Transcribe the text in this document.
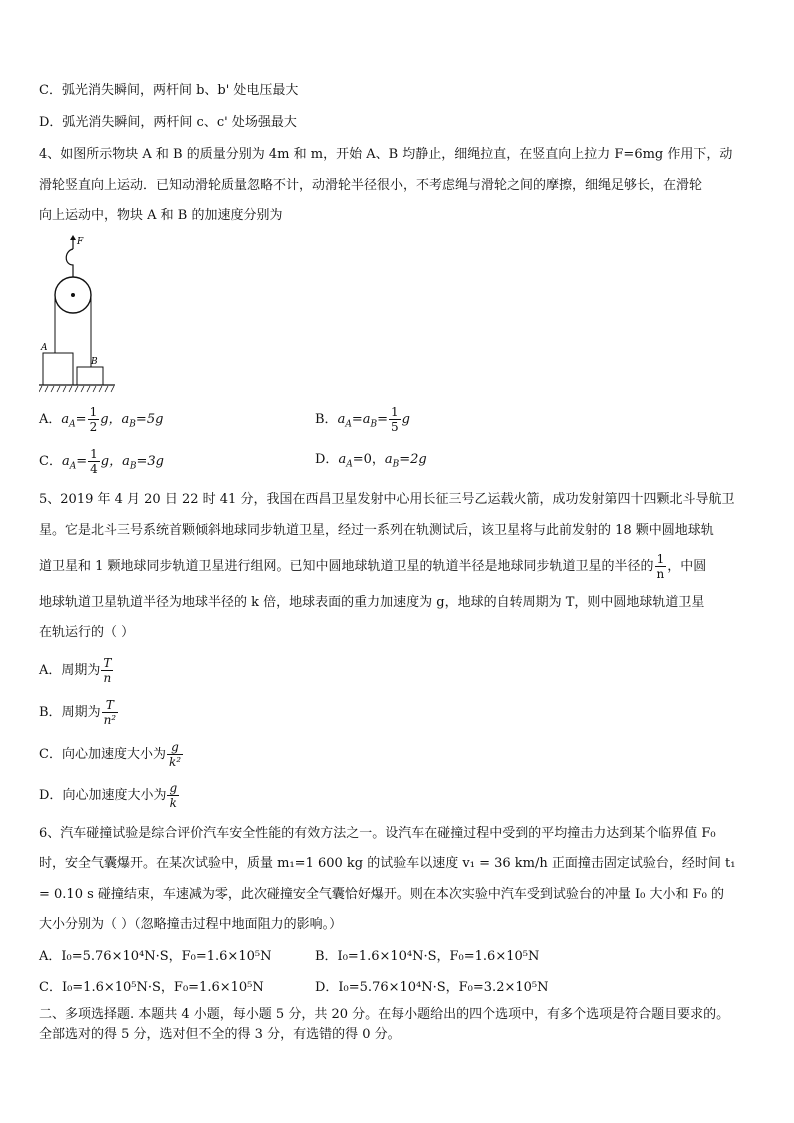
C．弧光消失瞬间，两杆间 b、b' 处电压最大
D．弧光消失瞬间，两杆间 c、c' 处场强最大
4、如图所示物块 A 和 B 的质量分别为 4m 和 m，开始 A、B 均静止，细绳拉直，在竖直向上拉力 F=6mg 作用下，动
滑轮竖直向上运动．已知动滑轮质量忽略不计，动滑轮半径很小，不考虑绳与滑轮之间的摩擦，细绳足够长，在滑轮
向上运动中，物块 A 和 B 的加速度分别为
F
A
B
A．$a_A= \frac{1}{2}$ g，$a_B=5g$	B．$a_A=a_B= \frac{1}{5}$ g
C．$a_A= \frac{1}{4}$ g，$a_B=3g$	D．$a_A=0$，$a_B=2g$
5、2019 年 4 月 20 日 22 时 41 分，我国在西昌卫星发射中心用长征三号乙运载火箭，成功发射第四十四颗北斗导航卫
星。它是北斗三号系统首颗倾斜地球同步轨道卫星，经过一系列在轨测试后，该卫星将与此前发射的 18 颗中圆地球轨
道卫星和 1 颗地球同步轨道卫星进行组网。已知中圆地球轨道卫星的轨道半径是地球同步轨道卫星的半径的 $\frac{1}{n}$ ，中圆
地球轨道卫星轨道半径为地球半径的 k 倍，地球表面的重力加速度为 g，地球的自转周期为 T，则中圆地球轨道卫星
在轨运行的（ ）
A．周期为 $\frac{T}{n}$
B．周期为 $\frac{T}{\text{n²}}$
C．向心加速度大小为 $\frac{g}{\text{k²}}$
D．向心加速度大小为 $\frac{g}{k}$
6、汽车碰撞试验是综合评价汽车安全性能的有效方法之一。设汽车在碰撞过程中受到的平均撞击力达到某个临界值 F₀
时，安全气囊爆开。在某次试验中，质量 m₁=1 600 kg 的试验车以速度 v₁ = 36 km/h 正面撞击固定试验台，经时间 t₁
= 0.10 s 碰撞结束，车速减为零，此次碰撞安全气囊恰好爆开。则在本次实验中汽车受到试验台的冲量 I₀ 大小和 F₀ 的
大小分别为（ ）（忽略撞击过程中地面阻力的影响。）
A．I₀=5.76×10⁴N·S，F₀=1.6×10⁵N	B．I₀=1.6×10⁴N·S，F₀=1.6×10⁵N
C．I₀=1.6×10⁵N·S，F₀=1.6×10⁵N	D．I₀=5.76×10⁴N·S，F₀=3.2×10⁵N
二、多项选择题. 本题共 4 小题，每小题 5 分，共 20 分。在每小题给出的四个选项中，有多个选项是符合题目要求的。
全部选对的得 5 分，选对但不全的得 3 分，有选错的得 0 分。
